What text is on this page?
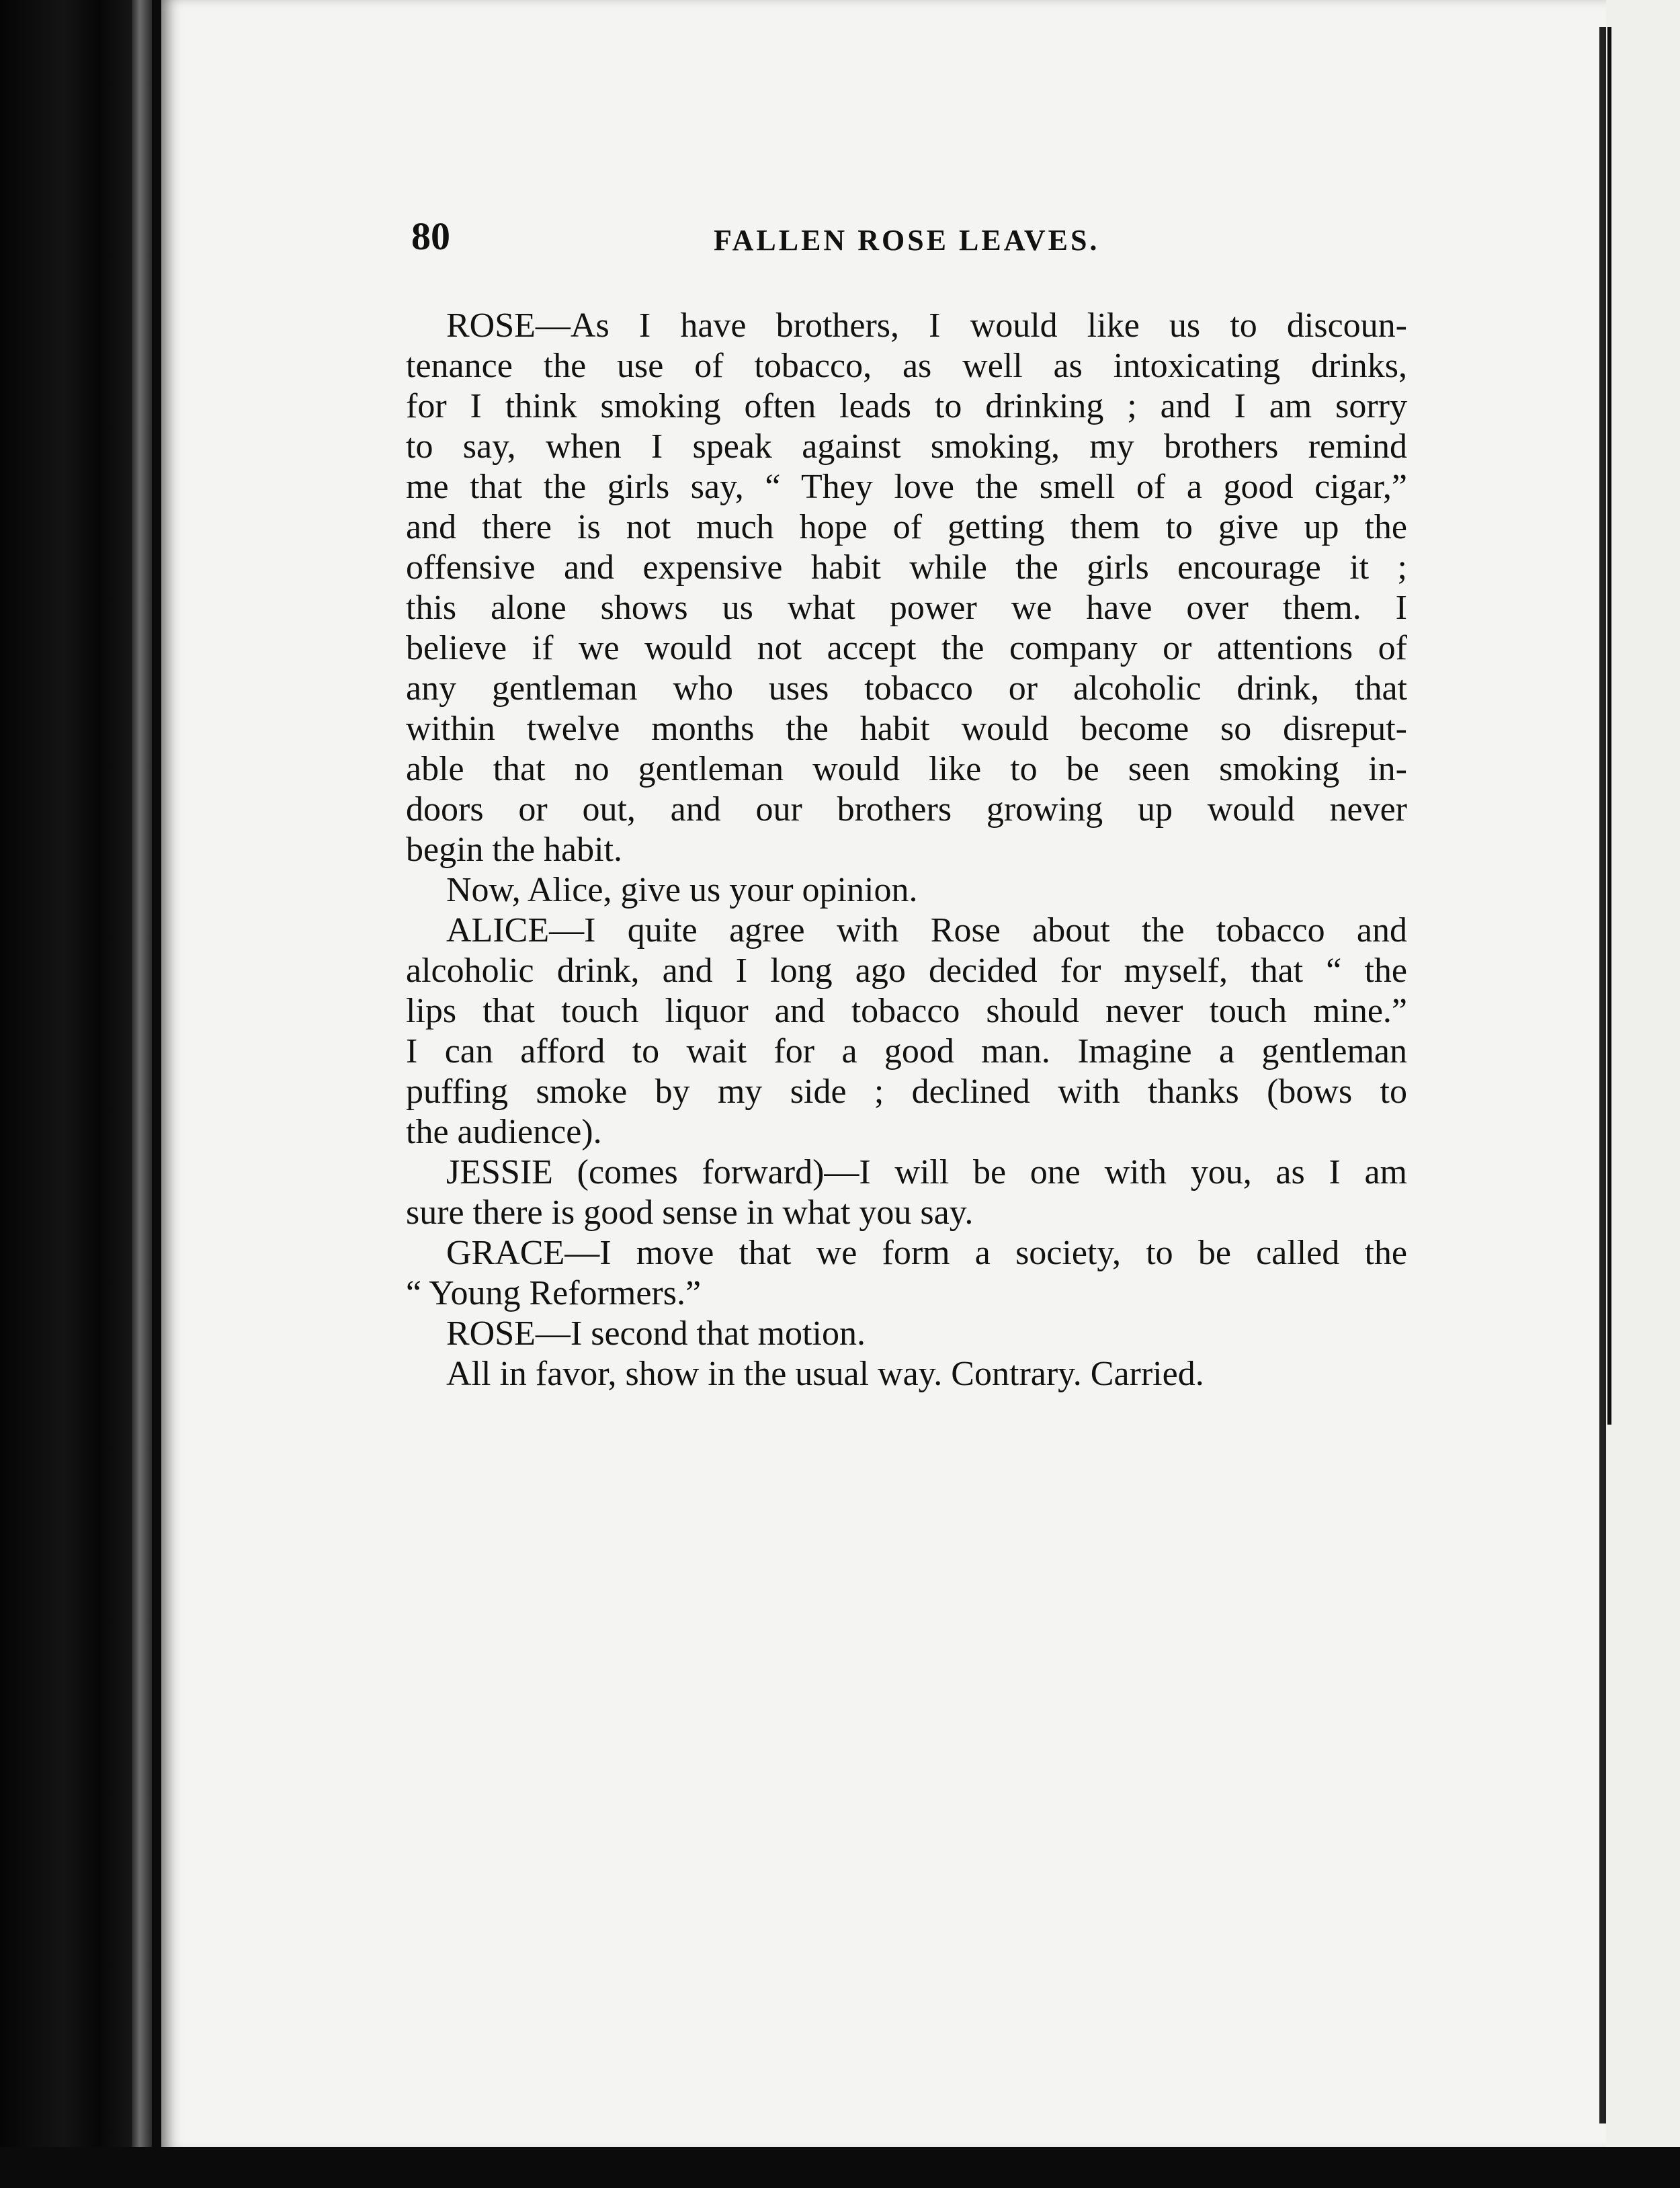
80	FALLEN ROSE LEAVES.
ROSE—As I have brothers, I would like us to discoun-
tenance the use of tobacco, as well as intoxicating drinks,
for I think smoking often leads to drinking ; and I am sorry
to say, when I speak against smoking, my brothers remind
me that the girls say, “ They love the smell of a good cigar,”
and there is not much hope of getting them to give up the
offensive and expensive habit while the girls encourage it ;
this alone shows us what power we have over them. I
believe if we would not accept the company or attentions of
any gentleman who uses tobacco or alcoholic drink, that
within twelve months the habit would become so disreput-
able that no gentleman would like to be seen smoking in-
doors or out, and our brothers growing up would never
begin the habit.
Now, Alice, give us your opinion.
ALICE—I quite agree with Rose about the tobacco and
alcoholic drink, and I long ago decided for myself, that “ the
lips that touch liquor and tobacco should never touch mine.”
I can afford to wait for a good man. Imagine a gentleman
puffing smoke by my side ; declined with thanks (bows to
the audience).
JESSIE (comes forward)—I will be one with you, as I am
sure there is good sense in what you say.
GRACE—I move that we form a society, to be called the
“ Young Reformers.”
ROSE—I second that motion.
All in favor, show in the usual way. Contrary. Carried.
